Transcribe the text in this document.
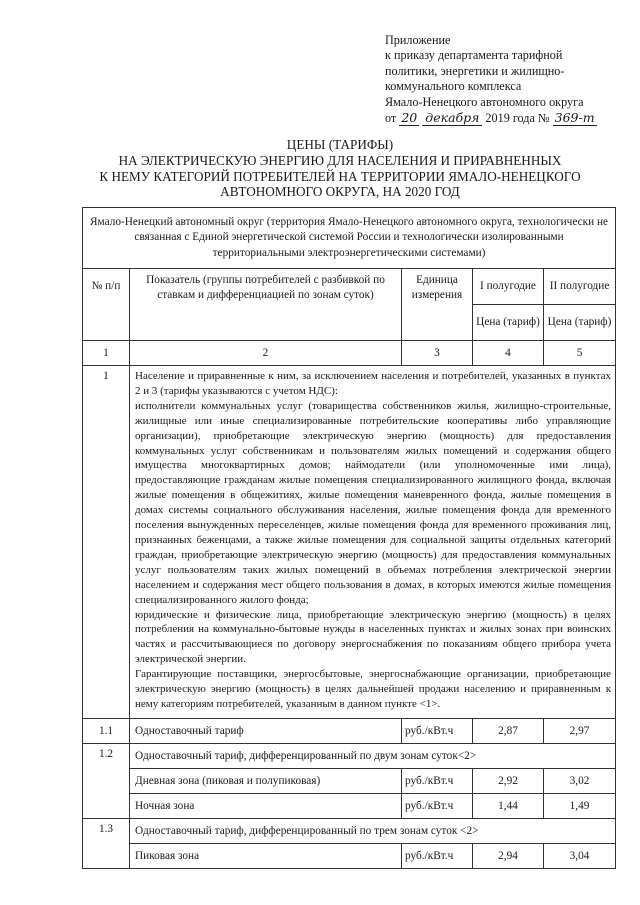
Приложение
к приказу департамента тарифной
политики, энергетики и жилищно-
коммунального комплекса
Ямало-Ненецкого автономного округа
от 20 декабря 2019 года № 369-т
ЦЕНЫ (ТАРИФЫ)
НА ЭЛЕКТРИЧЕСКУЮ ЭНЕРГИЮ ДЛЯ НАСЕЛЕНИЯ И ПРИРАВНЕННЫХ
К НЕМУ КАТЕГОРИЙ ПОТРЕБИТЕЛЕЙ НА ТЕРРИТОРИИ ЯМАЛО-НЕНЕЦКОГО
АВТОНОМНОГО ОКРУГА, НА 2020 ГОД
Ямало-Ненецкий автономный округ (территория Ямало-Ненецкого автономного округа, технологически не связанная с Единой энергетической системой России и технологически изолированными территориальными электроэнергетическими системами)				
№ п/п	Показатель (группы потребителей с разбивкой по ставкам и дифференциацией по зонам суток)	Единица измерения	I полугодие	II полугодие
			Цена (тариф)	Цена (тариф)
1	2	3	4	5
1	Население и приравненные к ним, за исключением населения и потребителей, указанных в пунктах 2 и 3 (тарифы указываются с учетом НДС):

исполнители коммунальных услуг (товарищества собственников жилья, жилищно-строительные, жилищные или иные специализированные потребительские кооперативы либо управляющие организации), приобретающие электрическую энергию (мощность) для предоставления коммунальных услуг собственникам и пользователям жилых помещений и содержания общего имущества многоквартирных домов; наймодатели (или уполномоченные ими лица), предоставляющие гражданам жилые помещения специализированного жилищного фонда, включая жилые помещения в общежитиях, жилые помещения маневренного фонда, жилые помещения в домах системы социального обслуживания населения, жилые помещения фонда для временного поселения вынужденных переселенцев, жилые помещения фонда для временного проживания лиц, признанных беженцами, а также жилые помещения для социальной защиты отдельных категорий граждан, приобретающие электрическую энергию (мощность) для предоставления коммунальных услуг пользователям таких жилых помещений в объемах потребления электрической энергии населением и содержания мест общего пользования в домах, в которых имеются жилые помещения специализированного жилого фонда;

юридические и физические лица, приобретающие электрическую энергию (мощность) в целях потребления на коммунально-бытовые нужды в населенных пунктах и жилых зонах при воинских частях и рассчитывающиеся по договору энергоснабжения по показаниям общего прибора учета электрической энергии.

Гарантирующие поставщики, энергосбытовые, энергоснабжающие организации, приобретающие электрическую энергию (мощность) в целях дальнейшей продажи населению и приравненным к нему категориям потребителей, указанным в данном пункте <1>.			

1.1	Одноставочный тариф	руб./кВт.ч	2,87	2,97
1.2	Одноставочный тариф, дифференцированный по двум зонам суток<2>			
	Дневная зона (пиковая и полупиковая)	руб./кВт.ч	2,92	3,02
	Ночная зона	руб./кВт.ч	1,44	1,49
1.3	Одноставочный тариф, дифференцированный по трем зонам суток <2>			
	Пиковая зона	руб./кВт.ч	2,94	3,04
